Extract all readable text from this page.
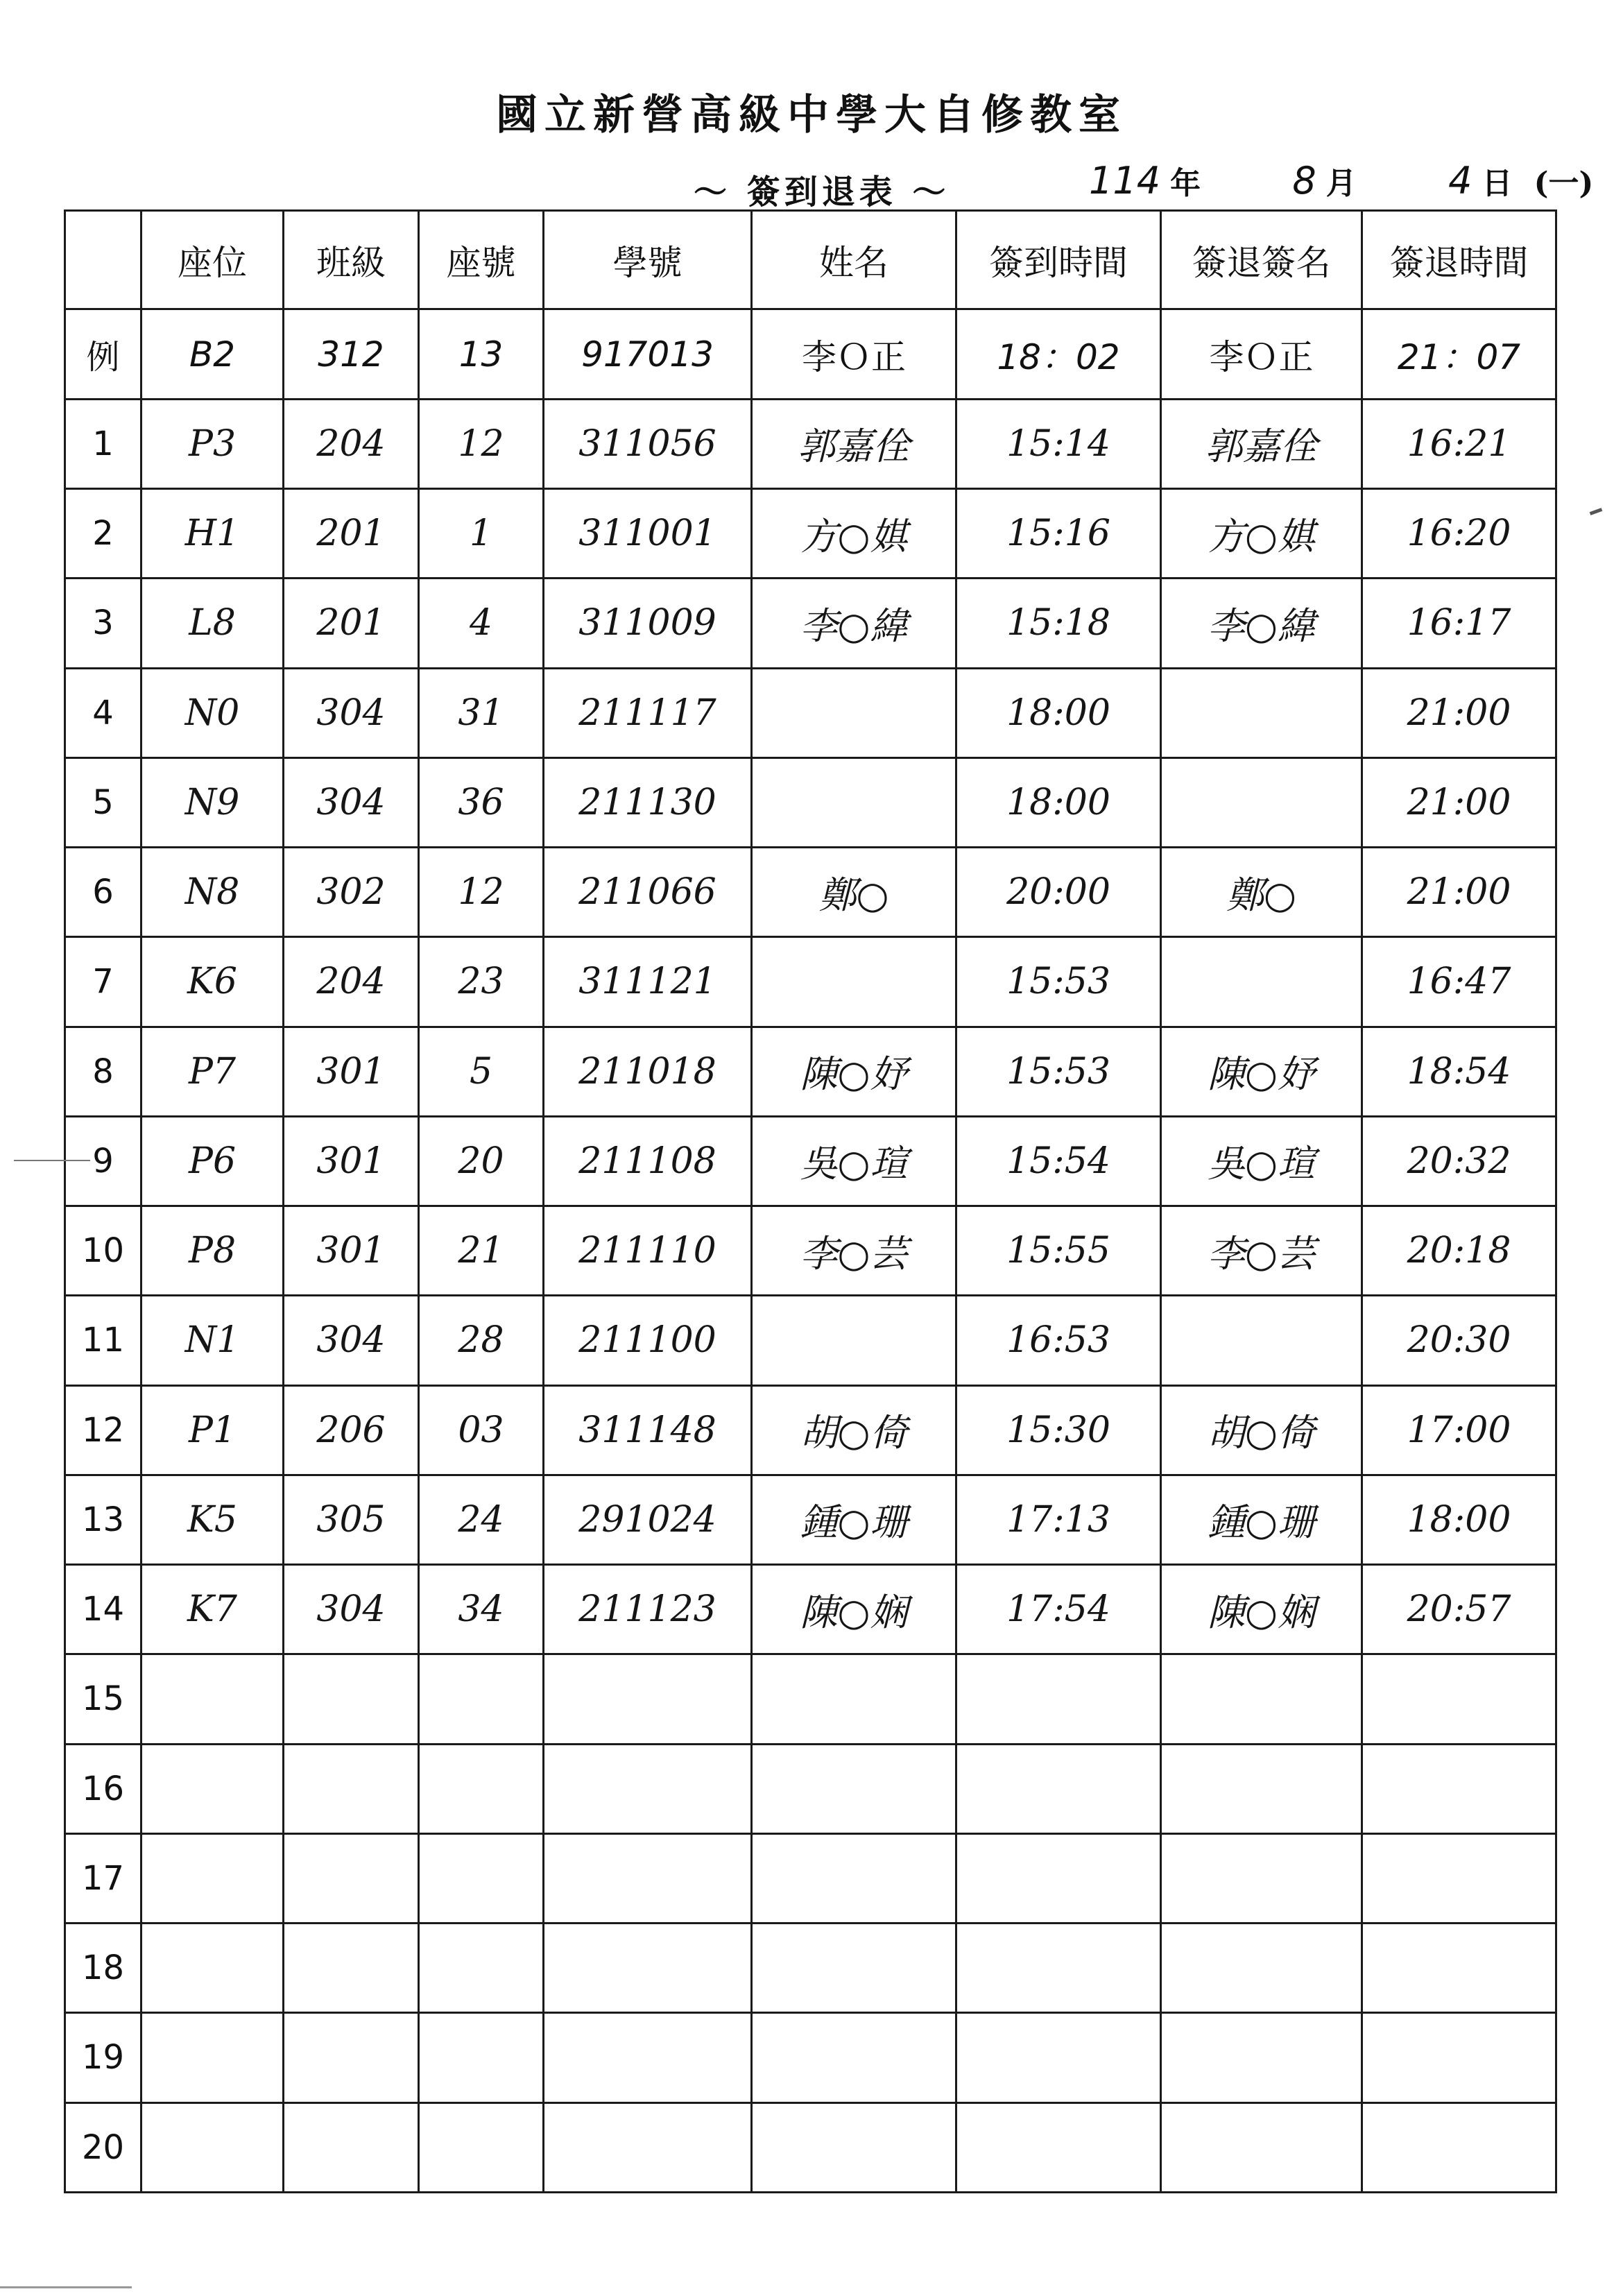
國立新營高級中學大自修教室
～ 簽到退表 ～	114 年 8 月 4 日 (一)
	座位	班級	座號	學號	姓名	簽到時間	簽退簽名	簽退時間
例	B2	312	13	917013	李Ｏ正	18：02	李Ｏ正	21：07
1	P3	204	12	311056	郭嘉佺	15:14	郭嘉佺	16:21
2	H1	201	1	311001	方○娸	15:16	方○娸	16:20
3	L8	201	4	311009	李○緯	15:18	李○緯	16:17
4	N0	304	31	211117		18:00		21:00
5	N9	304	36	211130		18:00		21:00
6	N8	302	12	211066	鄭○	20:00	鄭○	21:00
7	K6	204	23	311121		15:53		16:47
8	P7	301	5	211018	陳○妤	15:53	陳○妤	18:54
9	P6	301	20	211108	吳○瑄	15:54	吳○瑄	20:32
10	P8	301	21	211110	李○芸	15:55	李○芸	20:18
11	N1	304	28	211100		16:53		20:30
12	P1	206	03	311148	胡○倚	15:30	胡○倚	17:00
13	K5	305	24	291024	鍾○珊	17:13	鍾○珊	18:00
14	K7	304	34	211123	陳○娴	17:54	陳○娴	20:57
15								
16								
17								
18								
19								
20								
